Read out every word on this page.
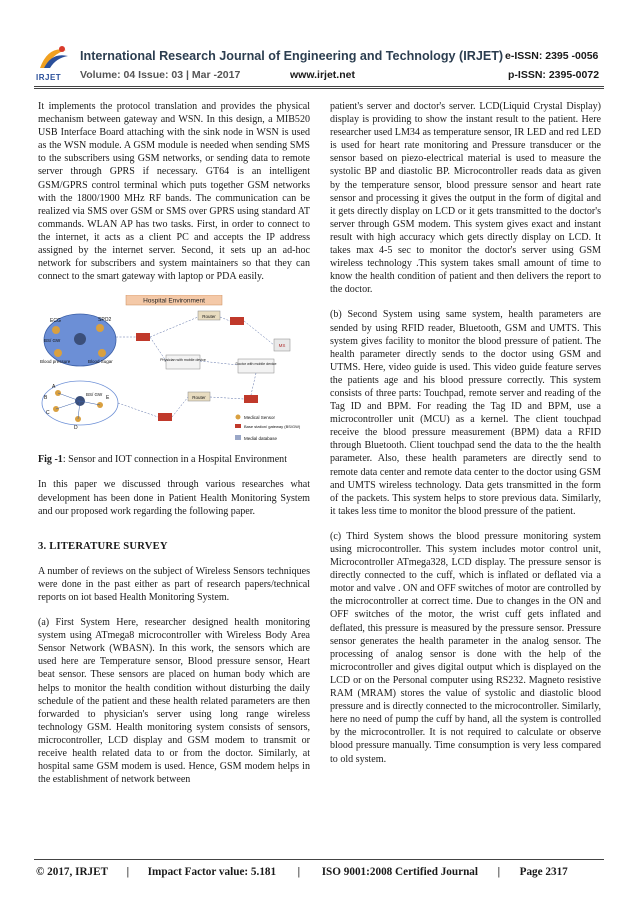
IRJET
International Research Journal of Engineering and Technology (IRJET) e-ISSN: 2395 -0056
Volume: 04 Issue: 03 | Mar -2017	www.irjet.net	p-ISSN: 2395-0072

It implements the protocol translation and provides the physical mechanism between gateway and WSN. In this design, a MIB520 USB Interface Board attaching with the sink node in WSN is used as the WSN module. A GSM module is needed when sending SMS to the subscribers using GSM networks, or sending data to remote server through GPRS if necessary. GT64 is an intelligent GSM/GPRS control terminal which puts together GSM networks with the 1800/1900 MHz RF bands. The communication can be realized via SMS over GSM or SMS over GPRS using standard AT commands. WLAN AP has two tasks. First, in order to connect to the internet, it acts as a client PC and accepts the IP address assigned by the internet server. Second, it sets up an ad-hoc network for subscribers and system maintainers so that they can connect to the smart gateway with laptop or PDA easily.

Hospital Environment
ECG	SPO2
BS/ GW
Blood pressure	Blood Sugar
A
B
C
D
E
BS/ GW
Router
Router
MS
Physician with mobile device
Doctor with mobile device
Medical Sensor
Base station/ gateway (BS/GW)
Medial database

Fig -1: Sensor and IOT connection in a Hospital Environment

In this paper we discussed through various researches what development has been done in Patient Health Monitoring System and our proposed work regarding the following paper.

3. LITERATURE SURVEY

A number of reviews on the subject of Wireless Sensors techniques were done in the past either as part of research papers/technical reports on iot based Health Monitoring System.

(a) First System Here, researcher designed health monitoring system using ATmega8 microcontroller with Wireless Body Area Sensor Network (WBASN). In this work, the sensors which are used here are Temperature sensor, Blood pressure sensor, Heart beat sensor. These sensors are placed on human body which are helps to monitor the health condition without disturbing the daily schedule of the patient and these health related parameters are then forwarded to physician's server using long range wireless technology GSM. Health monitoring system consists of sensors, microcontroller, LCD display and GSM modem to transmit or receive health related data to or from the doctor. Similarly, at hospital same GSM modem is used. Hence, GSM modem helps in the establishment of network between

patient's server and doctor's server. LCD(Liquid Crystal Display) display is providing to show the instant result to the patient. Here researcher used LM34 as temperature sensor, IR LED and red LED is used for heart rate monitoring and Pressure transducer or the sensor based on piezo-electrical material is used to measure the systolic BP and diastolic BP. Microcontroller reads data as given by the temperature sensor, blood pressure sensor and heart rate sensor and processing it gives the output in the form of digital and it gets directly display on LCD or it gets transmitted to the doctor's server through GSM modem. This system gives exact and instant result with high accuracy which gets directly display on LCD. It takes max 4-5 sec to monitor the doctor's server using GSM wireless technology .This system takes small amount of time to know the health condition of patient and then delivers the report to the doctor.

(b) Second System using same system, health parameters are sended by using RFID reader, Bluetooth, GSM and UMTS. This system gives facility to monitor the blood pressure of patient. The health parameter directly sends to the doctor using GSM and UTMS. Here, video guide is used. This video guide feature serves the patients age and his blood pressure correctly. This system consists of three parts: Touchpad, remote server and reading of the Tag ID and BPM. For reading the Tag ID and BPM, use a microcontroller unit (MCU) as a kernel. The client touchpad receive the blood pressure measurement (BPM) data a RFID through Bluetooth. Client touchpad send the data to the the health parameter. Also, these health parameters are directly send to remote data center and remote data center to the doctor using GSM and UMTS wireless technology. Data gets transmitted in the form of the packets. This system helps to store previous data. Similarly, it takes less time to monitor the blood pressure of the patient.

(c) Third System shows the blood pressure monitoring system using microcontroller. This system includes motor control unit, Microcontroller ATmega328, LCD display. The pressure sensor is directly connected to the cuff, which is inflated or deflated via a motor and valve . ON and OFF switches of motor are controlled by the microcontroller at correct time. Due to changes in the ON and OFF switches of the motor, the wrist cuff gets inflated and deflated, this pressure is measured by the pressure sensor. Pressure sensor generates the health parameter in the analog sensor. The processing of analog sensor is done with the help of the microcontroller and gives digital output which is displayed on the LCD or on the Personal computer using RS232. Magneto resistive RAM (MRAM) stores the value of systolic and diastolic blood pressure and is directly connected to the microcontroller. Similarly, here no need of pump the cuff by hand, all the system is controlled by the microcontroller. It is not required to calculate or observe blood pressure manually. Time consumption is very less compared to old system.

© 2017, IRJET | Impact Factor value: 5.181 | ISO 9001:2008 Certified Journal | Page 2317
